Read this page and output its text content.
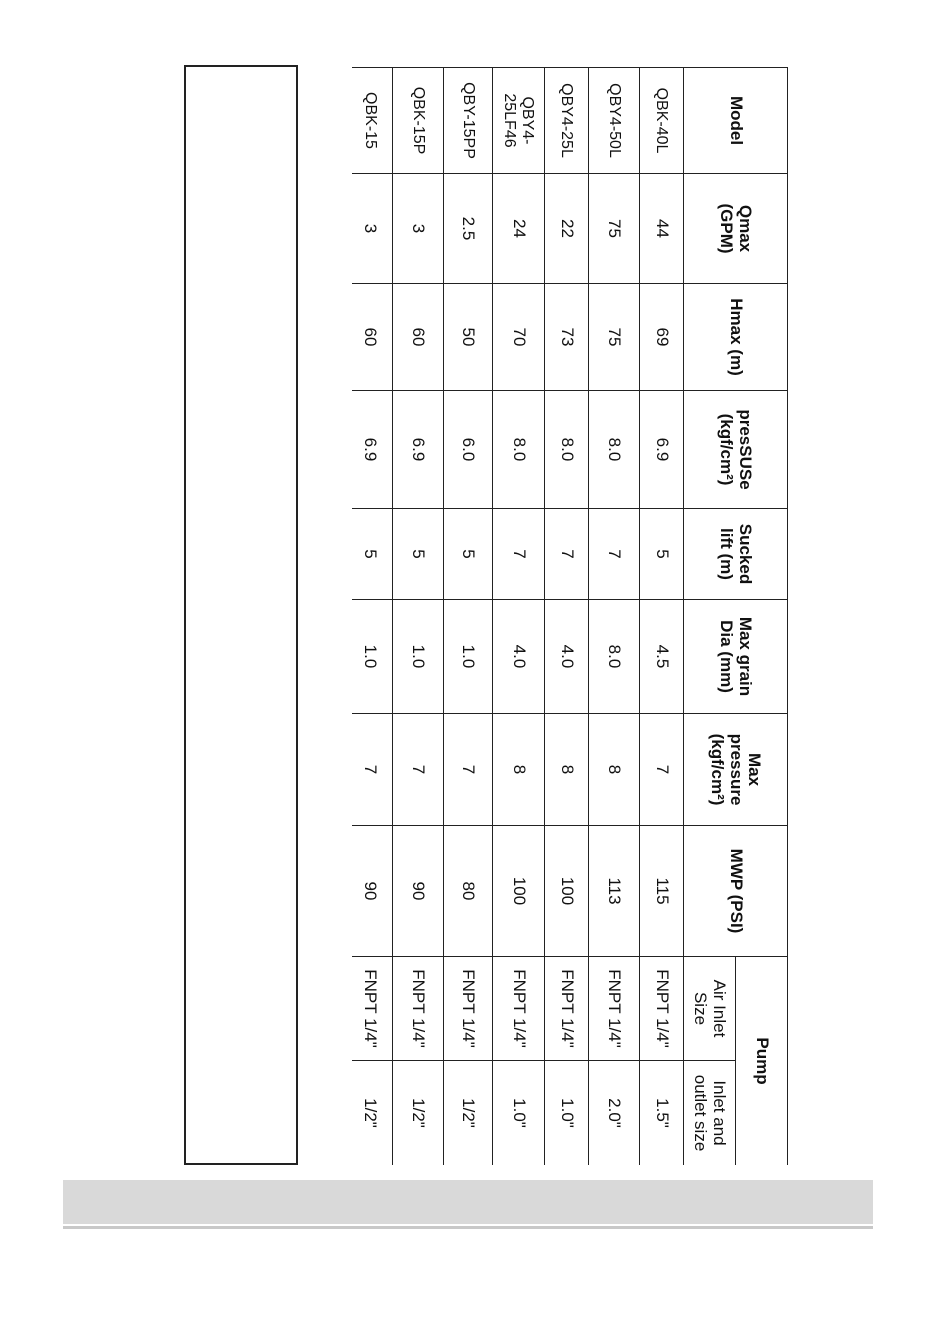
Model	Qmax (GPM)	Hmax (m)	presSUSe (kgf/cm²)	Sucked lift (m)	Max grain Dia (mm)	Max pressure (kgf/cm²)	MWP (PSI)	Pump	
								Air Inlet Size	Inlet and outlet size
QBK-40L	44	69	6.9	5	4.5	7	115	FNPT 1/4"	1.5"
QBY4-50L	75	75	8.0	7	8.0	8	113	FNPT 1/4"	2.0"
QBY4-25L	22	73	8.0	7	4.0	8	100	FNPT 1/4"	1.0"
QBY4-25LF46	24	70	8.0	7	4.0	8	100	FNPT 1/4"	1.0"
QBY-15PP	2.5	50	6.0	5	1.0	7	80	FNPT 1/4"	1/2"
QBK-15P	3	60	6.9	5	1.0	7	90	FNPT 1/4"	1/2"
QBK-15	3	60	6.9	5	1.0	7	90	FNPT 1/4"	1/2"
